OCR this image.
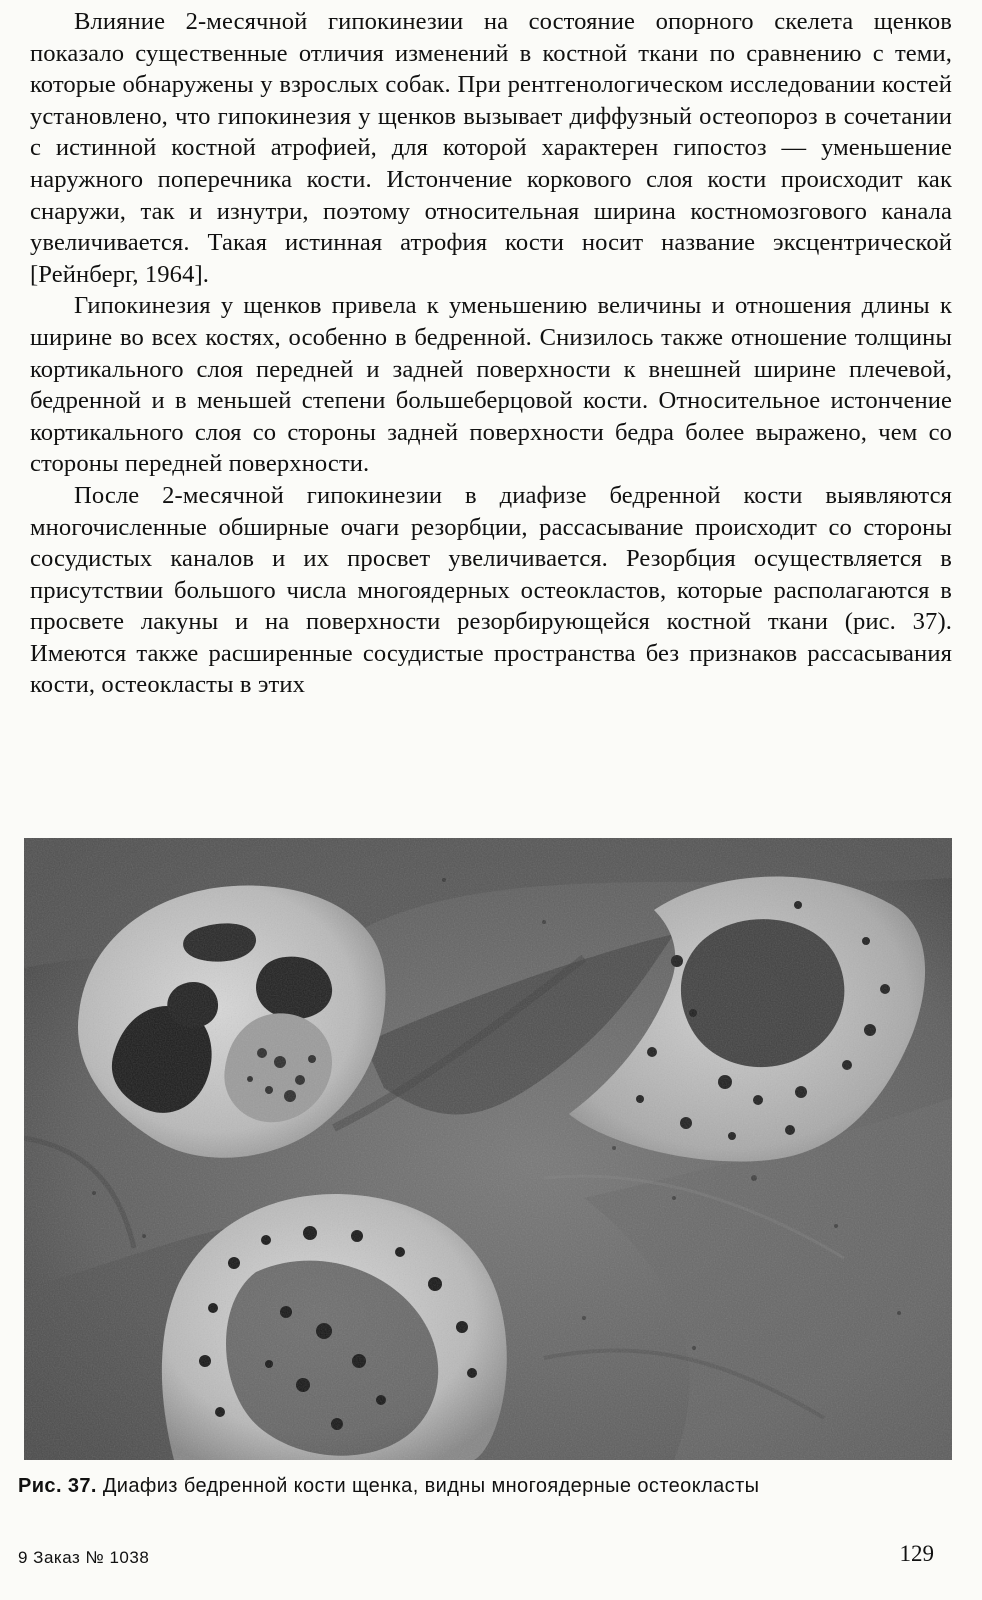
Влияние 2-месячной гипокинезии на состояние опорного скелета щенков показало существенные отличия изменений в костной ткани по сравнению с теми, которые обнаружены у взрослых собак. При рентгенологическом исследовании костей установлено, что гипокинезия у щенков вызывает диффузный остеопороз в сочетании с истинной костной атрофией, для которой характерен гипостоз — уменьшение наружного поперечника кости. Истончение коркового слоя кости происходит как снаружи, так и изнутри, поэтому относительная ширина костномозгового канала увеличивается. Такая истинная атрофия кости носит название эксцентрической [Рейнберг, 1964].

Гипокинезия у щенков привела к уменьшению величины и отношения длины к ширине во всех костях, особенно в бедренной. Снизилось также отношение толщины кортикального слоя передней и задней поверхности к внешней ширине плечевой, бедренной и в меньшей степени большеберцовой кости. Относительное истончение кортикального слоя со стороны задней поверхности бедра более выражено, чем со стороны передней поверхности.

После 2-месячной гипокинезии в диафизе бедренной кости выявляются многочисленные обширные очаги резорбции, рассасывание происходит со стороны сосудистых каналов и их просвет увеличивается. Резорбция осуществляется в присутствии большого числа многоядерных остеокластов, которые располагаются в просвете лакуны и на поверхности резорбирующейся костной ткани (рис. 37). Имеются также расширенные сосудистые пространства без признаков рассасывания кости, остеокласты в этих

Рис. 37. Диафиз бедренной кости щенка, видны многоядерные остеокласты
9 Заказ № 1038	129
